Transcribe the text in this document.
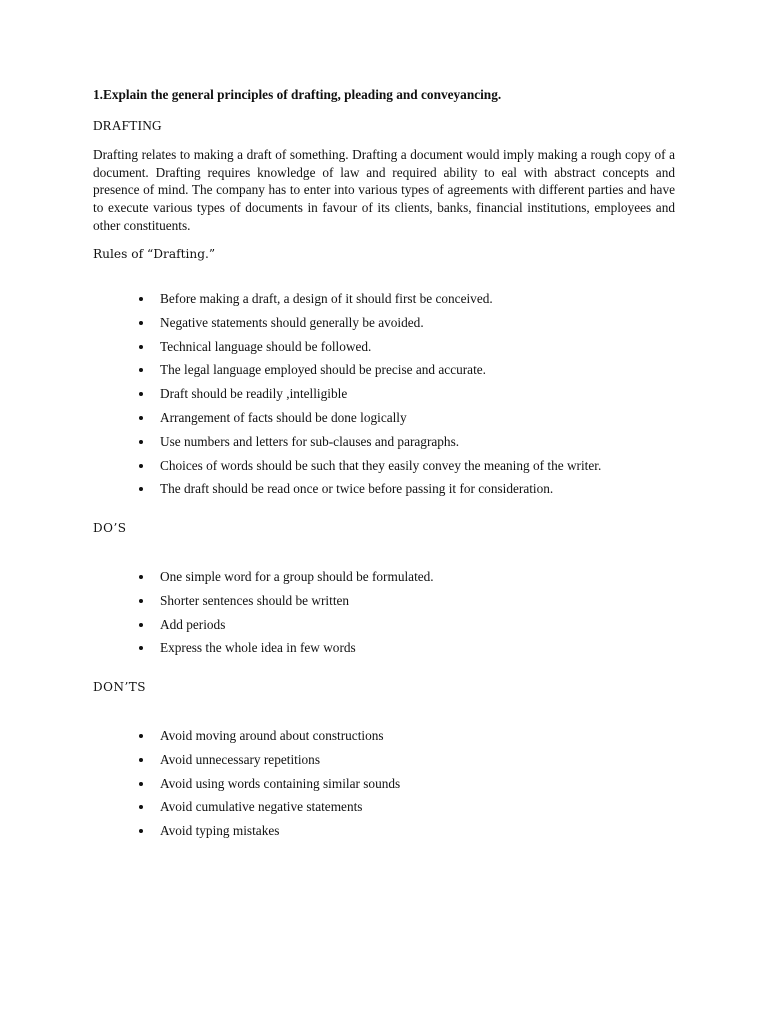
1.Explain the general principles of drafting, pleading and conveyancing.
DRAFTING

Drafting relates to making a draft of something. Drafting a document would imply making a rough copy of a document. Drafting requires knowledge of law and required ability to eal with abstract concepts and presence of mind. The company has to enter into various types of agreements with different parties and have to execute various types of documents in favour of its clients, banks, financial institutions, employees and other constituents.

Rules of “Drafting.”
Before making a draft, a design of it should first be conceived.
Negative statements should generally be avoided.
Technical language should be followed.
The legal language employed should be precise and accurate.
Draft should be readily ,intelligible
Arrangement of facts should be done logically
Use numbers and letters for sub-clauses and paragraphs.
Choices of words should be such that they easily convey the meaning of the writer.
The draft should be read once or twice before passing it for consideration.
DO’S
One simple word for a group should be formulated.
Shorter sentences should be written
Add periods
Express the whole idea in few words
DON’TS
Avoid moving around about constructions
Avoid unnecessary repetitions
Avoid using words containing similar sounds
Avoid cumulative negative statements
Avoid typing mistakes
